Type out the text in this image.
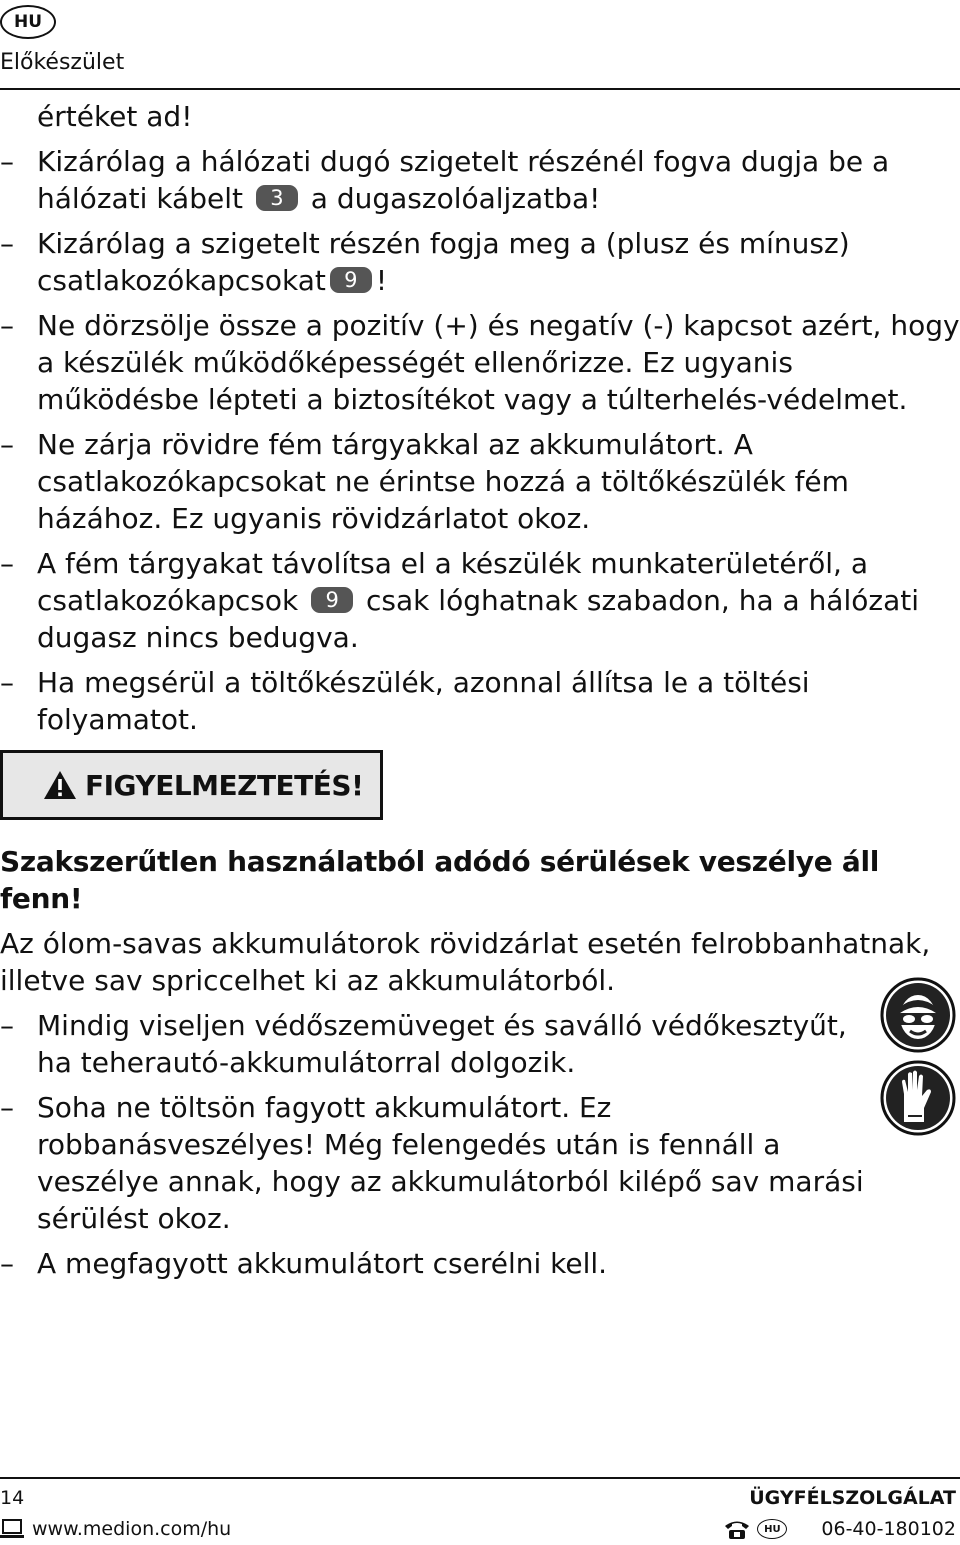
HU
Előkészület
értéket ad!
– Kizárólag a hálózati dugó szigetelt részénél fogva dugja be a hálózati kábelt 3 a dugaszolóaljzatba!
– Kizárólag a szigetelt részén fogja meg a (plusz és mínusz) csatlakozókapcsokat 9 !
– Ne dörzsölje össze a pozitív (+) és negatív (-) kapcsot azért, hogy a készülék működőképességét ellenőrizze. Ez ugyanis működésbe lépteti a biztosítékot vagy a túlterhelés-védelmet.
– Ne zárja rövidre fém tárgyakkal az akkumulátort. A csatlakozókapcsokat ne érintse hozzá a töltőkészülék fém házához. Ez ugyanis rövidzárlatot okoz.
– A fém tárgyakat távolítsa el a készülék munkaterületéről, a csatlakozókapcsok 9 csak lóghatnak szabadon, ha a hálózati dugasz nincs bedugva.
– Ha megsérül a töltőkészülék, azonnal állítsa le a töltési folyamatot.
FIGYELMEZTETÉS!
Szakszerűtlen használatból adódó sérülések veszélye áll fenn!
Az ólom-savas akkumulátorok rövidzárlat esetén felrobbanhatnak, illetve sav spriccelhet ki az akkumulátorból.
– Mindig viseljen védőszemüveget és saválló védőkesztyűt, ha teherautó-akkumulátorral dolgozik.
– Soha ne töltsön fagyott akkumulátort. Ez robbanásveszélyes! Még felengedés után is fennáll a veszélye annak, hogy az akkumulátorból kilépő sav marási sérülést okoz.
– A megfagyott akkumulátort cserélni kell.
14	ÜGYFÉLSZOLGÁLAT
www.medion.com/hu	HU	06-40-180102
